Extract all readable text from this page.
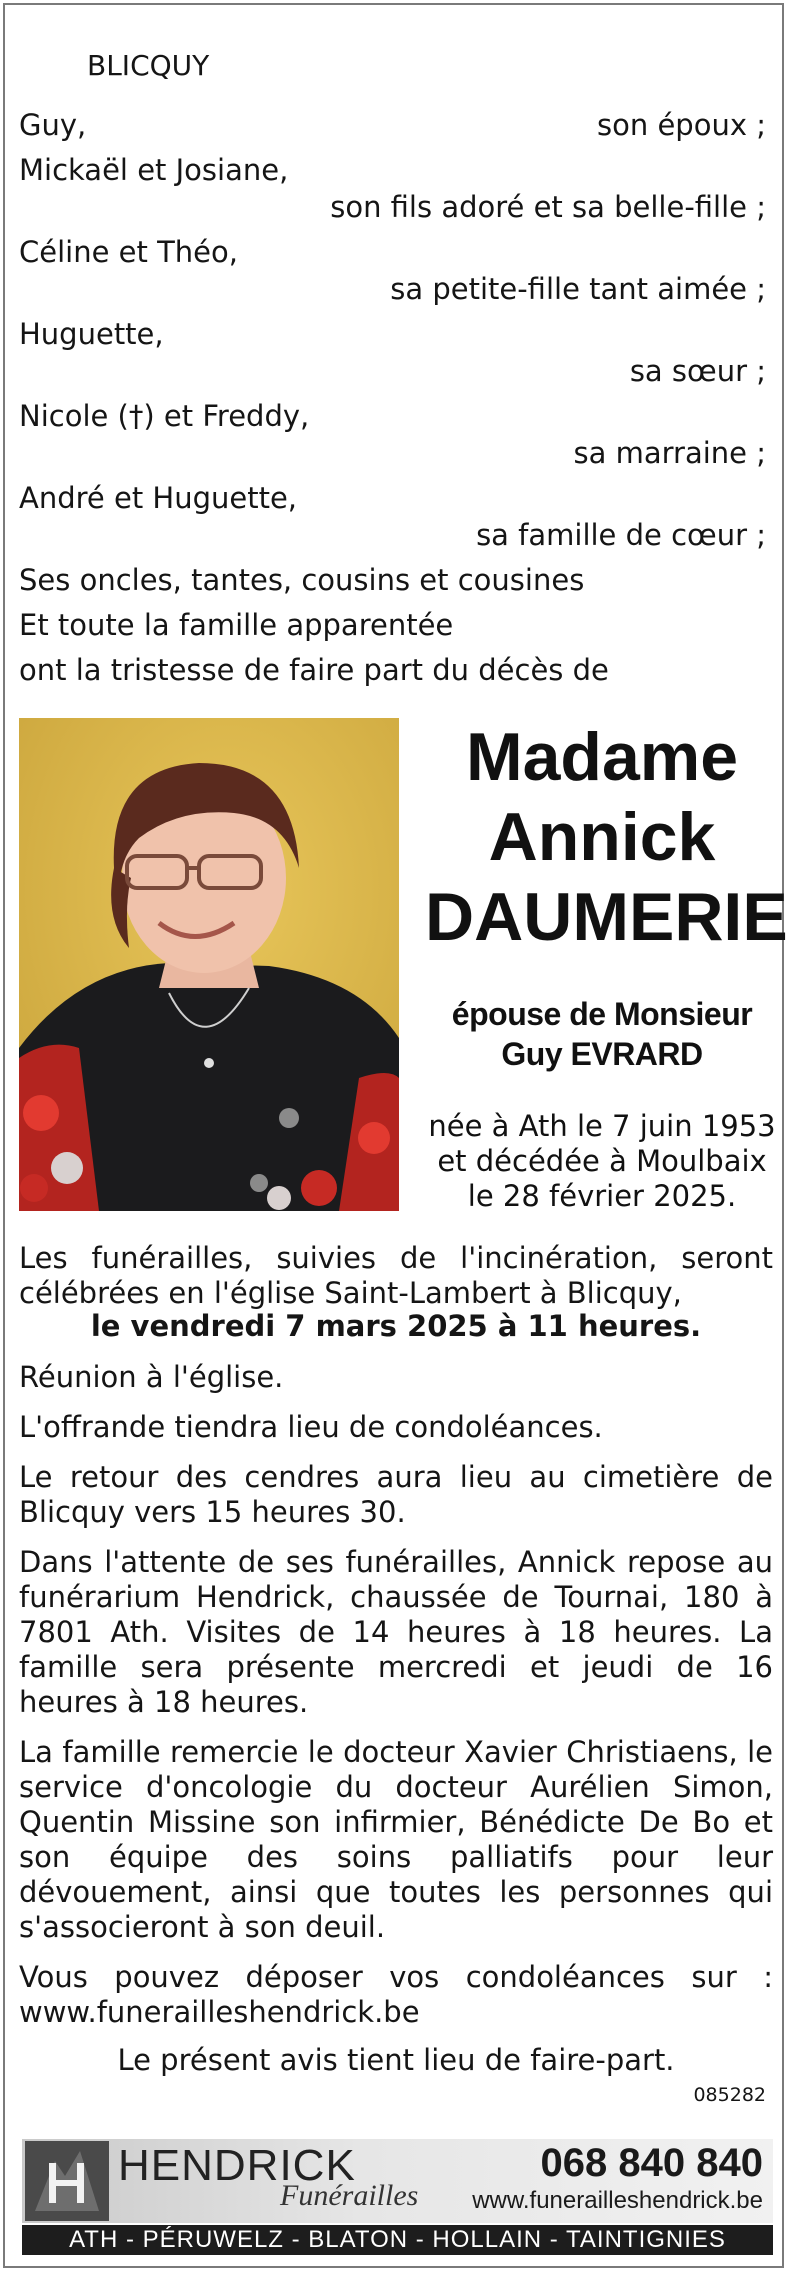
BLICQUY
Guy,	son époux ;
Mickaël et Josiane,
son fils adoré et sa belle-fille ;
Céline et Théo,
sa petite-fille tant aimée ;
Huguette,
sa sœur ;
Nicole (†) et Freddy,
sa marraine ;
André et Huguette,
sa famille de cœur ;
Ses oncles, tantes, cousins et cousines
Et toute la famille apparentée
ont la tristesse de faire part du décès de
Madame
Annick
DAUMERIE
épouse de Monsieur
Guy EVRARD
née à Ath le 7 juin 1953
et décédée à Moulbaix
le 28 février 2025.
Les funérailles, suivies de l'incinération, seront célébrées en l'église Saint-Lambert à Blicquy,
le vendredi 7 mars 2025 à 11 heures.
Réunion à l'église.
L'offrande tiendra lieu de condoléances.
Le retour des cendres aura lieu au cimetière de Blicquy vers 15 heures 30.
Dans l'attente de ses funérailles, Annick repose au funérarium Hendrick, chaussée de Tournai, 180 à 7801 Ath. Visites de 14 heures à 18 heures. La famille sera présente mercredi et jeudi de 16 heures à 18 heures.
La famille remercie le docteur Xavier Christiaens, le service d'oncologie du docteur Aurélien Simon, Quentin Missine son infirmier, Bénédicte De Bo et son équipe des soins palliatifs pour leur dévouement, ainsi que toutes les personnes qui s'associeront à son deuil.
Vous pouvez déposer vos condoléances sur : www.funerailleshendrick.be
Le présent avis tient lieu de faire-part.
085282
HENDRICK
Funérailles
068 840 840
www.funerailleshendrick.be
ATH - PÉRUWELZ - BLATON - HOLLAIN - TAINTIGNIES
